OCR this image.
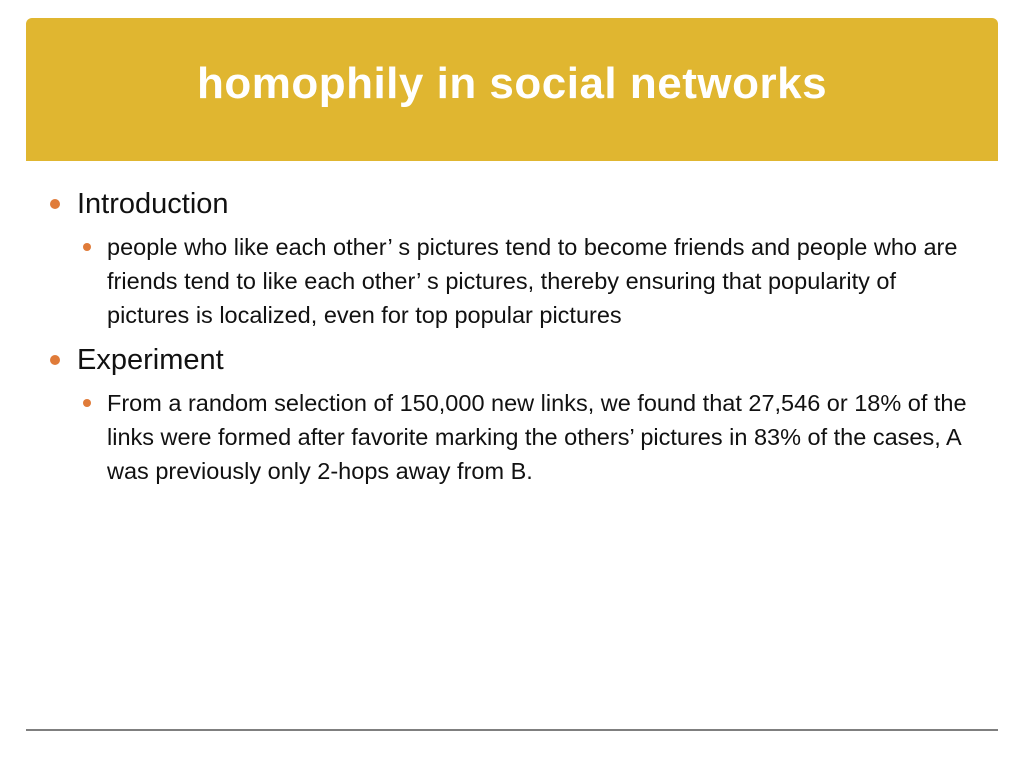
homophily in social networks
Introduction
people who like each other’ s pictures tend to become friends and people who are friends tend to like each other’ s pictures, thereby ensuring that popularity of pictures is localized, even for top popular pictures
Experiment
From a random selection of 150,000 new links, we found that 27,546 or 18% of the links were formed after favorite marking the others’ pictures in 83% of the cases, A was previously only 2-hops away from B.
